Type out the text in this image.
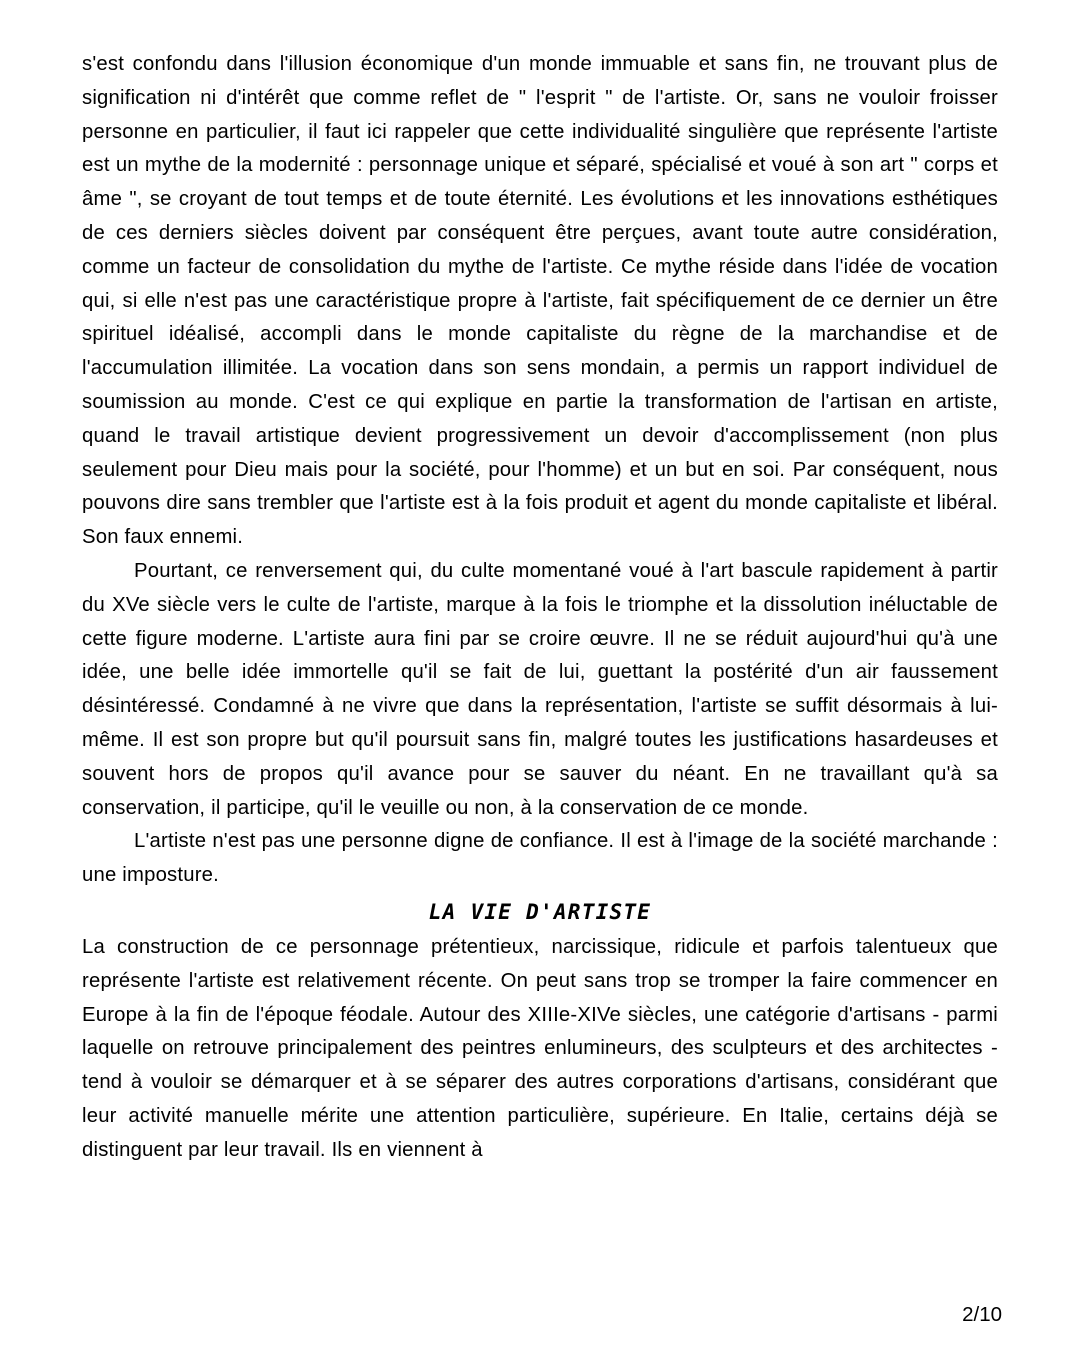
s'est confondu dans l'illusion économique d'un monde immuable et sans fin, ne trouvant plus de signification ni d'intérêt que comme reflet de " l'esprit " de l'artiste. Or, sans ne vouloir froisser personne en particulier, il faut ici rappeler que cette individualité singulière que représente l'artiste est un mythe de la modernité : personnage unique et séparé, spécialisé et voué à son art " corps et âme ", se croyant de tout temps et de toute éternité. Les évolutions et les innovations esthétiques de ces derniers siècles doivent par conséquent être perçues, avant toute autre considération, comme un facteur de consolidation du mythe de l'artiste. Ce mythe réside dans l'idée de vocation qui, si elle n'est pas une caractéristique propre à l'artiste, fait spécifiquement de ce dernier un être spirituel idéalisé, accompli dans le monde capitaliste du règne de la marchandise et de l'accumulation illimitée. La vocation dans son sens mondain, a permis un rapport individuel de soumission au monde. C'est ce qui explique en partie la transformation de l'artisan en artiste, quand le travail artistique devient progressivement un devoir d'accomplissement (non plus seulement pour Dieu mais pour la société, pour l'homme) et un but en soi. Par conséquent, nous pouvons dire sans trembler que l'artiste est à la fois produit et agent du monde capitaliste et libéral. Son faux ennemi.

Pourtant, ce renversement qui, du culte momentané voué à l'art bascule rapidement à partir du XVe siècle vers le culte de l'artiste, marque à la fois le triomphe et la dissolution inéluctable de cette figure moderne. L'artiste aura fini par se croire œuvre. Il ne se réduit aujourd'hui qu'à une idée, une belle idée immortelle qu'il se fait de lui, guettant la postérité d'un air faussement désintéressé. Condamné à ne vivre que dans la représentation, l'artiste se suffit désormais à lui-même. Il est son propre but qu'il poursuit sans fin, malgré toutes les justifications hasardeuses et souvent hors de propos qu'il avance pour se sauver du néant. En ne travaillant qu'à sa conservation, il participe, qu'il le veuille ou non, à la conservation de ce monde.

L'artiste n'est pas une personne digne de confiance. Il est à l'image de la société marchande : une imposture.

LA VIE D'ARTISTE

La construction de ce personnage prétentieux, narcissique, ridicule et parfois talentueux que représente l'artiste est relativement récente. On peut sans trop se tromper la faire commencer en Europe à la fin de l'époque féodale. Autour des XIIIe-XIVe siècles, une catégorie d'artisans - parmi laquelle on retrouve principalement des peintres enlumineurs, des sculpteurs et des architectes - tend à vouloir se démarquer et à se séparer des autres corporations d'artisans, considérant que leur activité manuelle mérite une attention particulière, supérieure. En Italie, certains déjà se distinguent par leur travail. Ils en viennent à

2/10
